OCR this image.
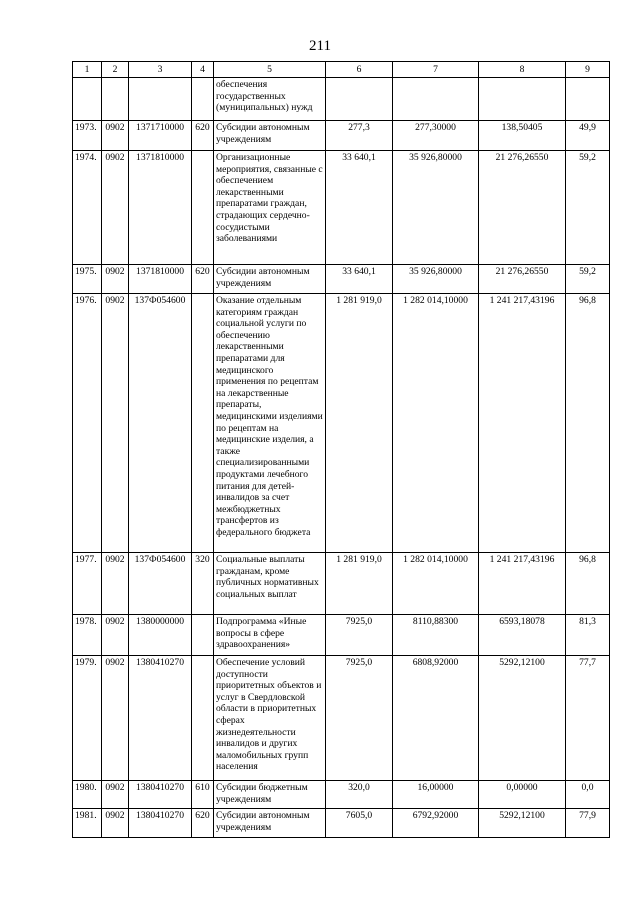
211
1	2	3	4	5	6	7	8	9
				обеспечения государственных (муниципальных) нужд				
1973.	0902	1371710000	620	Субсидии автономным учреждениям	277,3	277,30000	138,50405	49,9
1974.	0902	1371810000		Организационные мероприятия, связанные с обеспечением лекарственными препаратами граждан, страдающих сердечно-сосудистыми заболеваниями	33 640,1	35 926,80000	21 276,26550	59,2
1975.	0902	1371810000	620	Субсидии автономным учреждениям	33 640,1	35 926,80000	21 276,26550	59,2
1976.	0902	137Ф054600		Оказание отдельным категориям граждан социальной услуги по обеспечению лекарственными препаратами для медицинского применения по рецептам на лекарственные препараты, медицинскими изделиями по рецептам на медицинские изделия, а также специализированными продуктами лечебного питания для детей-инвалидов за счет межбюджетных трансфертов из федерального бюджета	1 281 919,0	1 282 014,10000	1 241 217,43196	96,8
1977.	0902	137Ф054600	320	Социальные выплаты гражданам, кроме публичных нормативных социальных выплат	1 281 919,0	1 282 014,10000	1 241 217,43196	96,8
1978.	0902	1380000000		Подпрограмма «Иные вопросы в сфере здравоохранения»	7925,0	8110,88300	6593,18078	81,3
1979.	0902	1380410270		Обеспечение условий доступности приоритетных объектов и услуг в Свердловской области в приоритетных сферах жизнедеятельности инвалидов и других маломобильных групп населения	7925,0	6808,92000	5292,12100	77,7
1980.	0902	1380410270	610	Субсидии бюджетным учреждениям	320,0	16,00000	0,00000	0,0
1981.	0902	1380410270	620	Субсидии автономным учреждениям	7605,0	6792,92000	5292,12100	77,9
